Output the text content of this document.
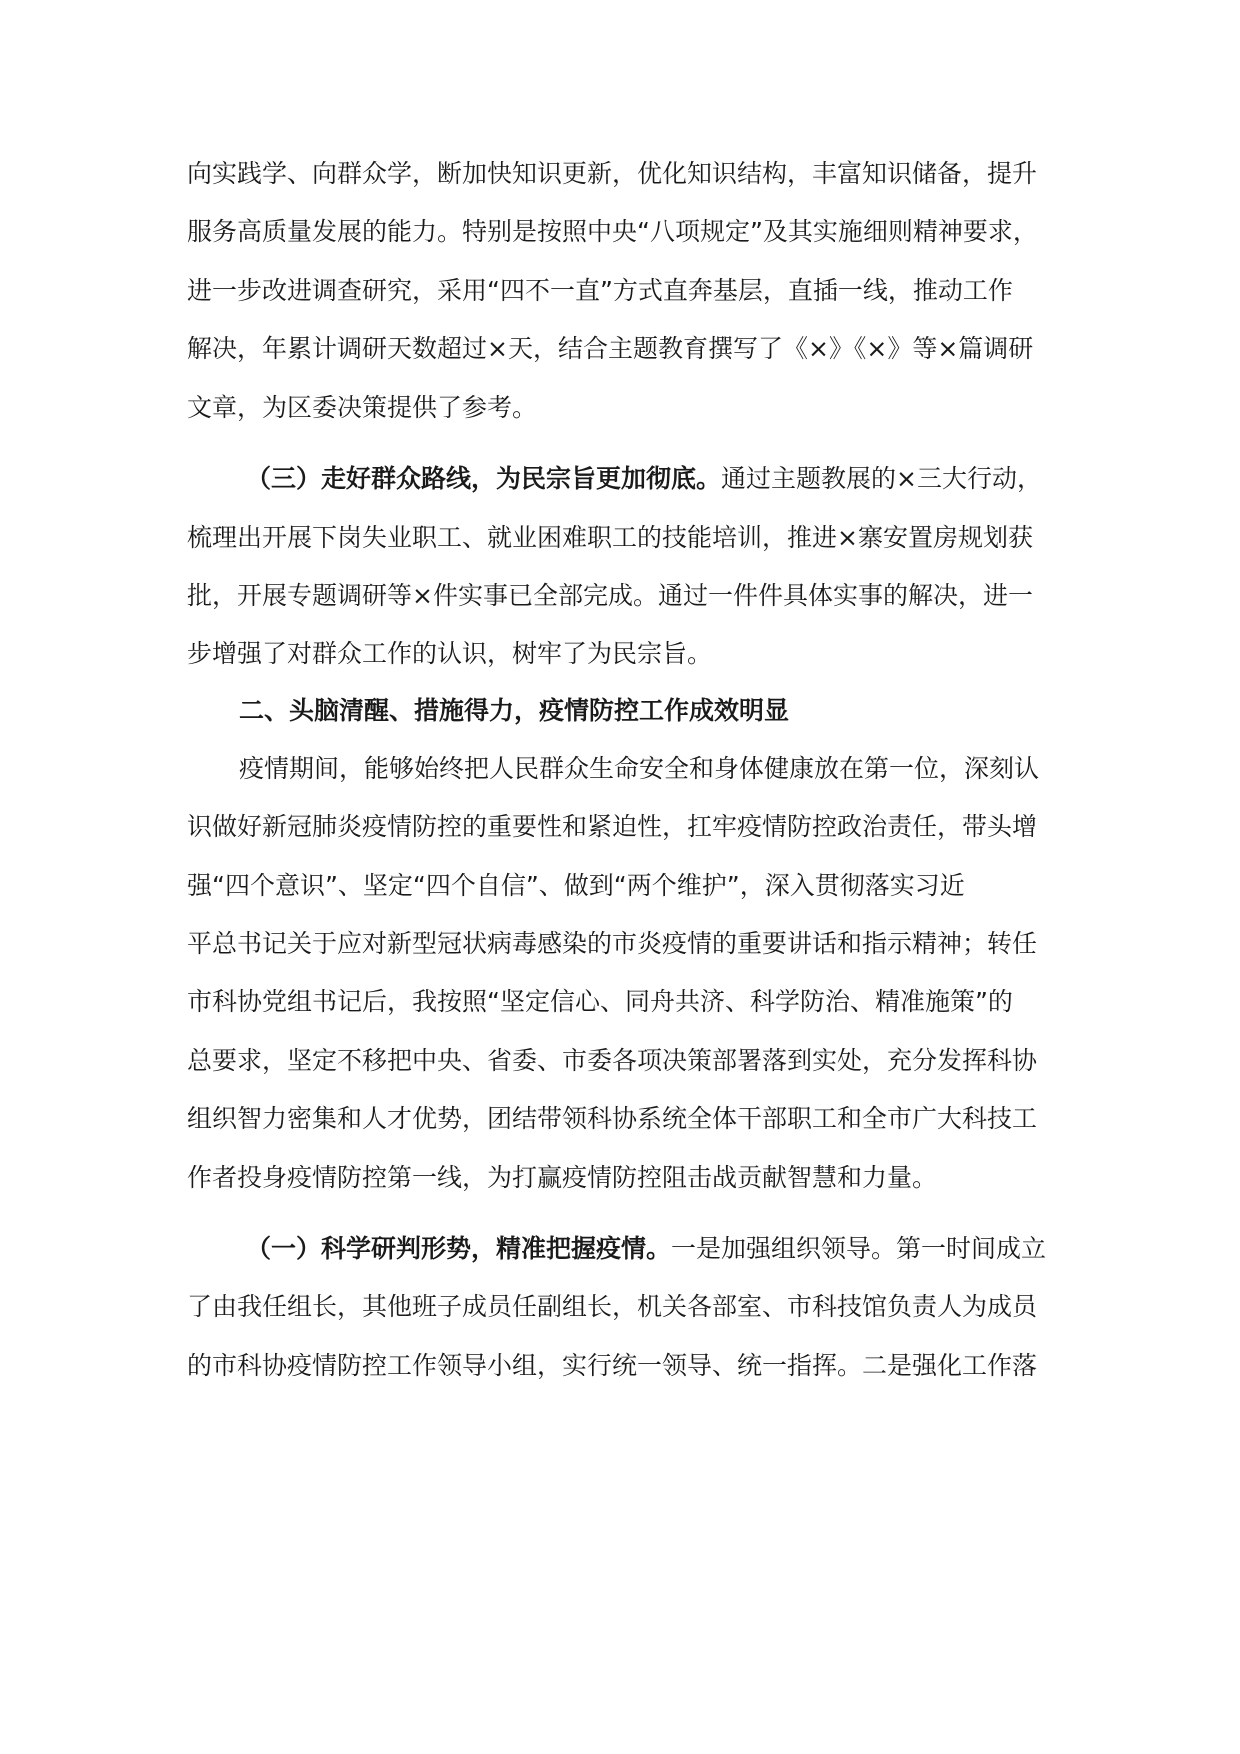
向实践学、向群众学，断加快知识更新，优化知识结构，丰富知识储备，提升
服务高质量发展的能力。特别是按照中央“八项规定”及其实施细则精神要求，
进一步改进调查研究，采用“四不一直”方式直奔基层，直插一线，推动工作
解决，年累计调研天数超过×天，结合主题教育撰写了《×》《×》等×篇调研
文章，为区委决策提供了参考。
（三）走好群众路线，为民宗旨更加彻底。通过主题教展的×三大行动，
梳理出开展下岗失业职工、就业困难职工的技能培训，推进×寨安置房规划获
批，开展专题调研等×件实事已全部完成。通过一件件具体实事的解决，进一
步增强了对群众工作的认识，树牢了为民宗旨。
二、头脑清醒、措施得力，疫情防控工作成效明显
疫情期间，能够始终把人民群众生命安全和身体健康放在第一位，深刻认
识做好新冠肺炎疫情防控的重要性和紧迫性，扛牢疫情防控政治责任，带头增
强“四个意识”、坚定“四个自信”、做到“两个维护”，深入贯彻落实习近
平总书记关于应对新型冠状病毒感染的市炎疫情的重要讲话和指示精神；转任
市科协党组书记后，我按照“坚定信心、同舟共济、科学防治、精准施策”的
总要求，坚定不移把中央、省委、市委各项决策部署落到实处，充分发挥科协
组织智力密集和人才优势，团结带领科协系统全体干部职工和全市广大科技工
作者投身疫情防控第一线，为打赢疫情防控阻击战贡献智慧和力量。
（一）科学研判形势，精准把握疫情。一是加强组织领导。第一时间成立
了由我任组长，其他班子成员任副组长，机关各部室、市科技馆负责人为成员
的市科协疫情防控工作领导小组，实行统一领导、统一指挥。二是强化工作落
